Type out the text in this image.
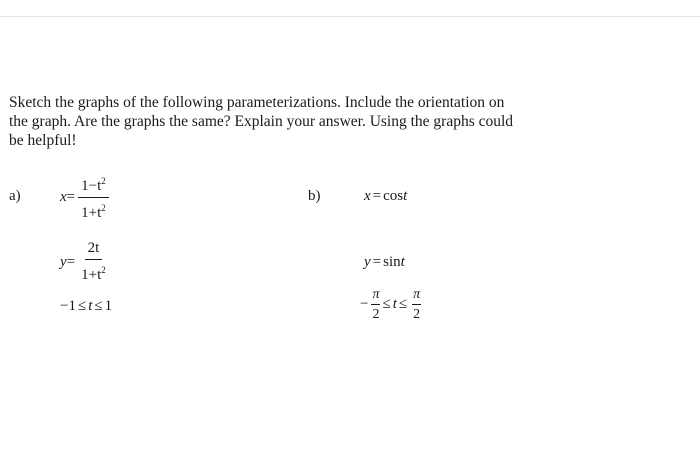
Sketch the graphs of the following parameterizations. Include the orientation on

the graph. Are the graphs the same? Explain your answer. Using the graphs could

be helpful!

a)	$x = \frac{1-t^2}{1+t^2}$
$y = \frac{2t}{1+t^2}$
−1 ≤ t ≤ 1
b)	x = cos t
y = sin t
− $\frac{\pi}{2} \le t \le \frac{\pi}{2}$
